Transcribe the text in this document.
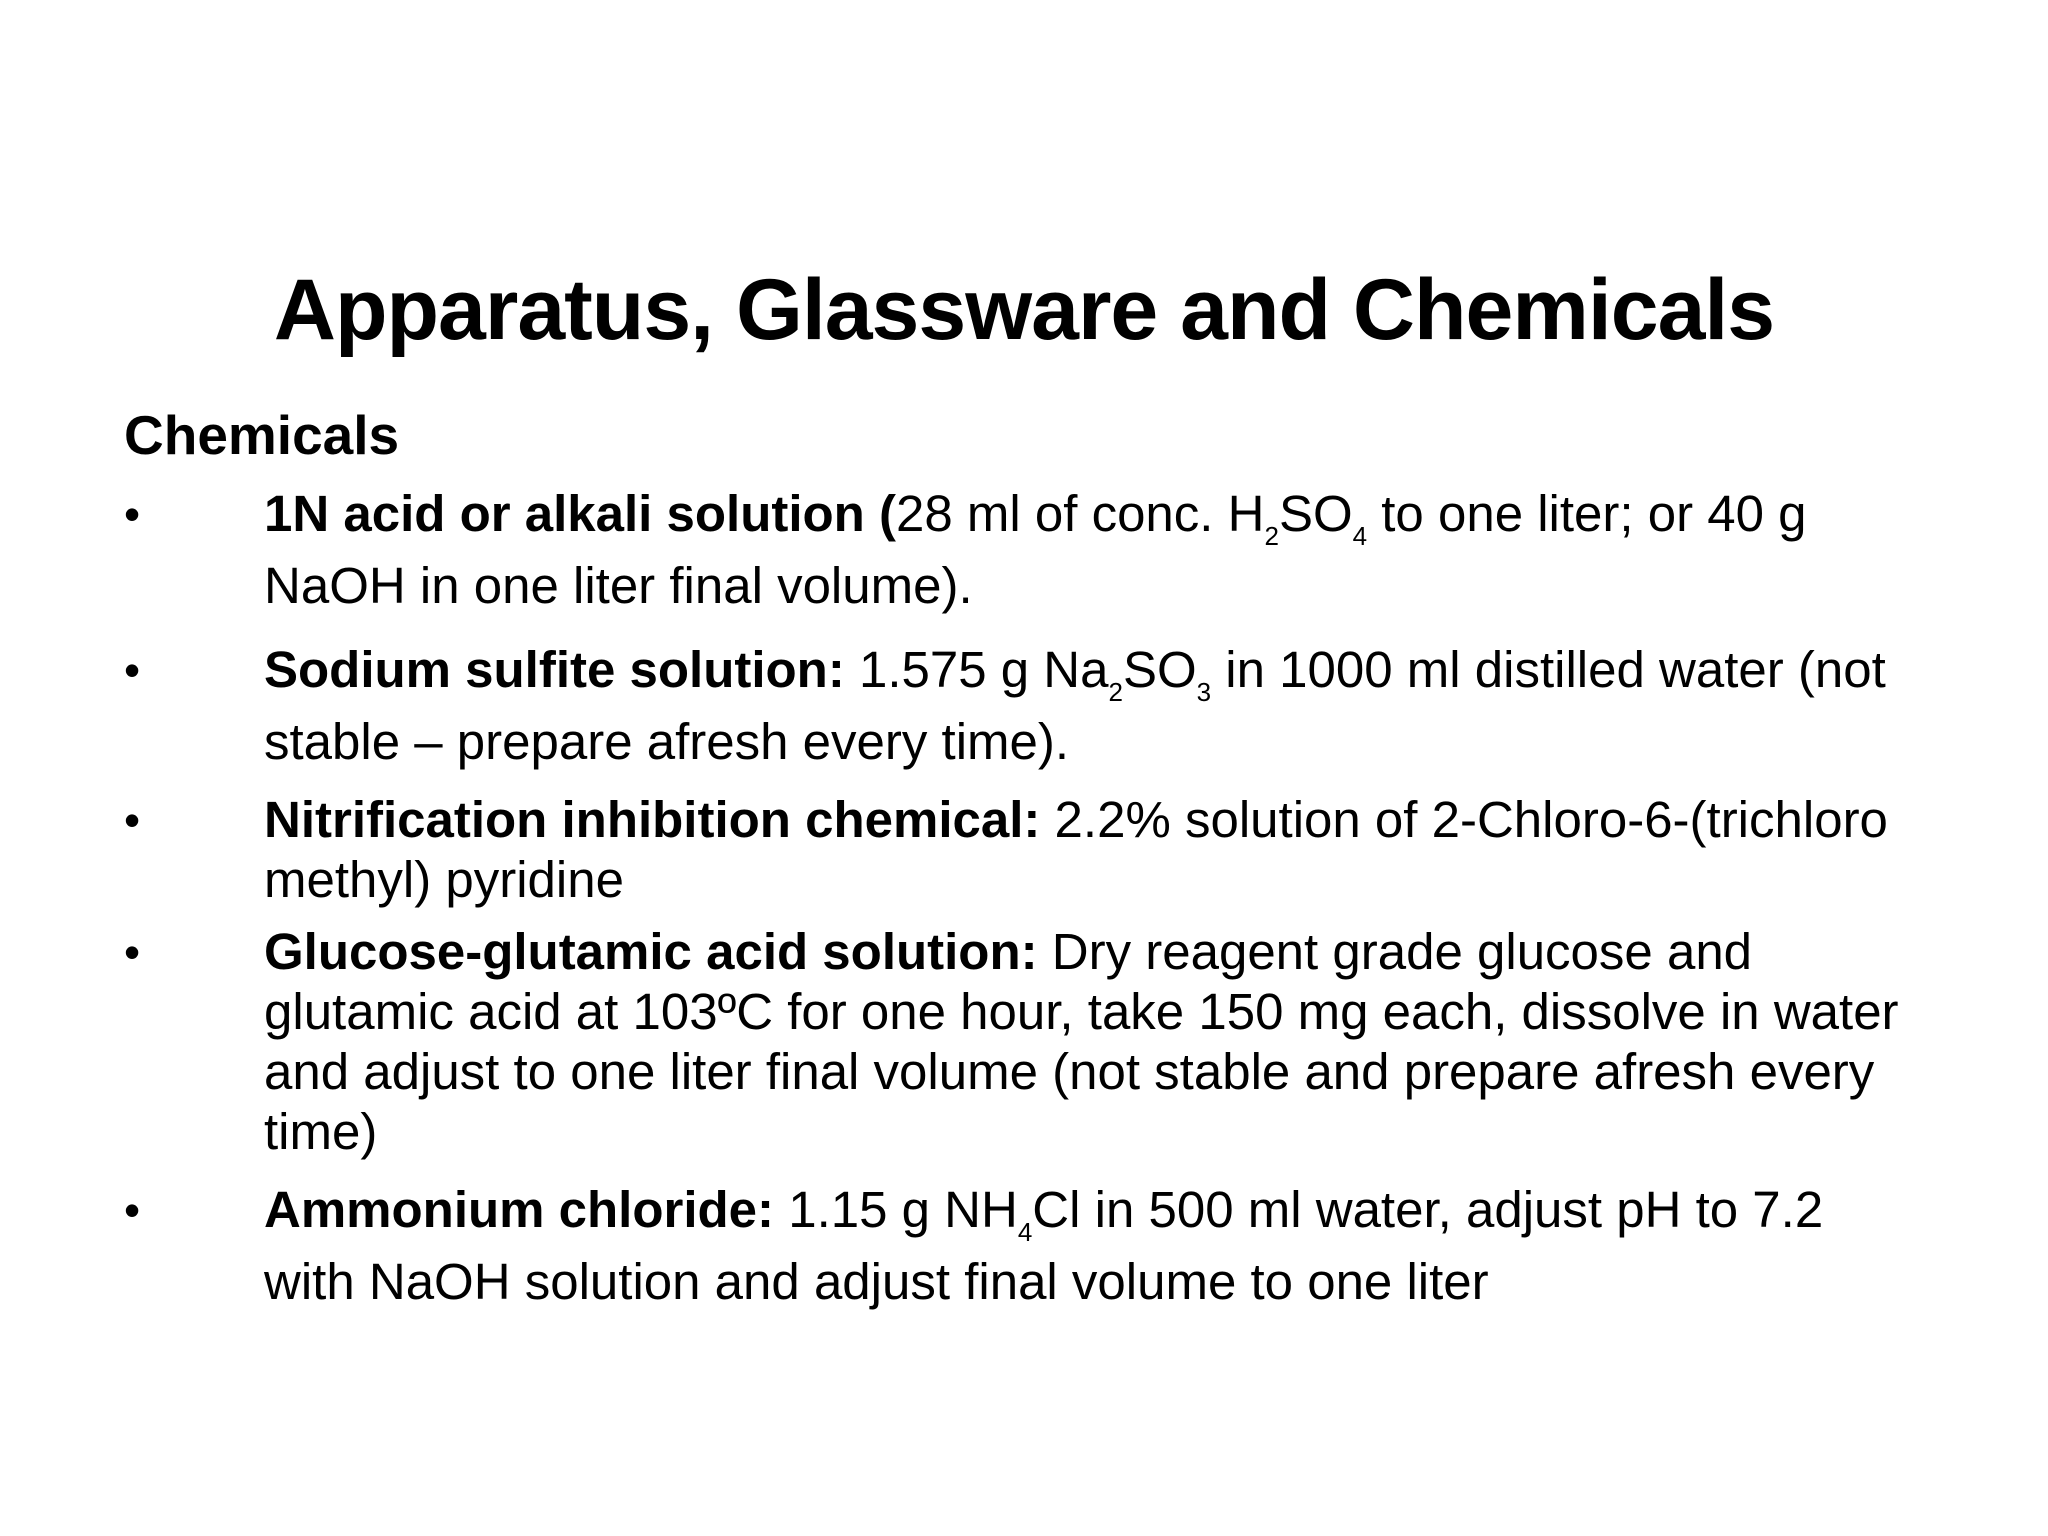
Apparatus, Glassware and Chemicals
Chemicals
•	1N acid or alkali solution (28 ml of conc. $H_2SO_4$ to one liter; or 40 g NaOH in one liter final volume).
•	Sodium sulfite solution: 1.575 g $Na_2SO_3$ in 1000 ml distilled water (not stable – prepare afresh every time).
•	Nitrification inhibition chemical: 2.2% solution of 2-Chloro-6-(trichloro methyl) pyridine
•	Glucose-glutamic acid solution: Dry reagent grade glucose and glutamic acid at 103ºC for one hour, take 150 mg each, dissolve in water and adjust to one liter final volume (not stable and prepare afresh every time)
•	Ammonium chloride: 1.15 g $NH_4Cl$ in 500 ml water, adjust pH to 7.2 with NaOH solution and adjust final volume to one liter
